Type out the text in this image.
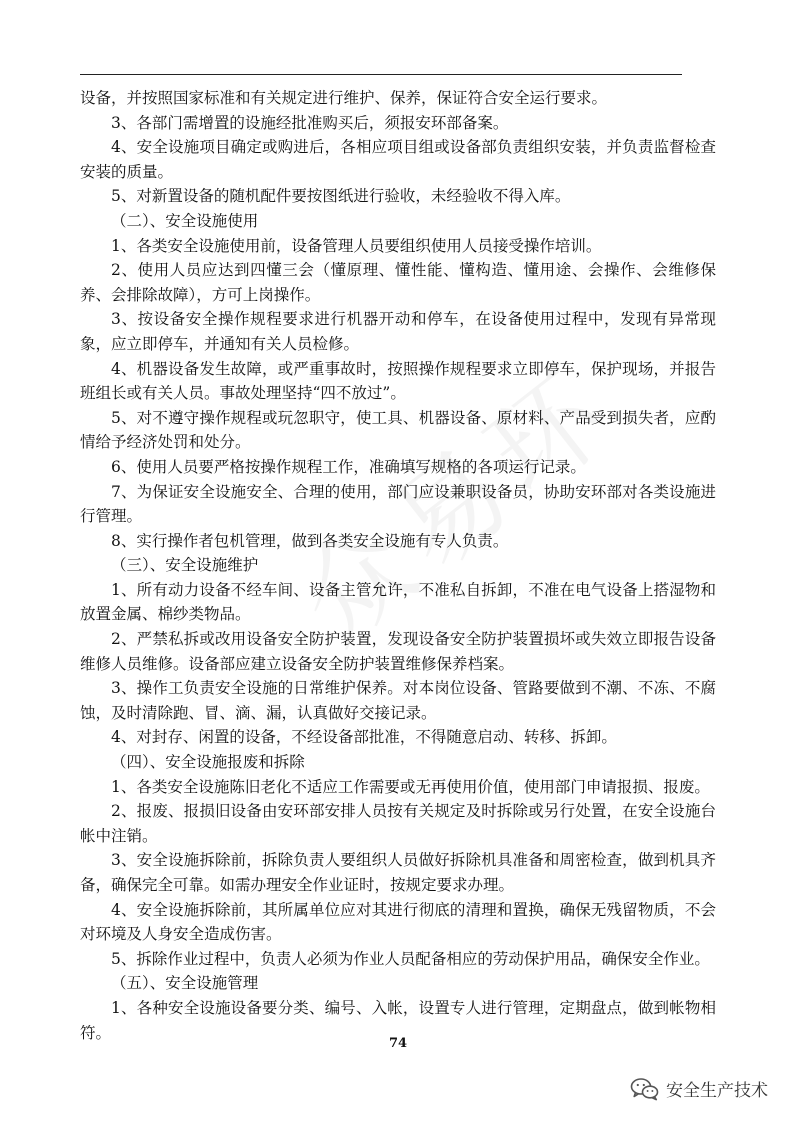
设备，并按照国家标准和有关规定进行维护、保养，保证符合安全运行要求。

3、各部门需增置的设施经批准购买后，须报安环部备案。

4、安全设施项目确定或购进后，各相应项目组或设备部负责组织安装，并负责监督检查安装的质量。

5、对新置设备的随机配件要按图纸进行验收，未经验收不得入库。

（二）、安全设施使用

1、各类安全设施使用前，设备管理人员要组织使用人员接受操作培训。

2、使用人员应达到四懂三会（懂原理、懂性能、懂构造、懂用途、会操作、会维修保养、会排除故障），方可上岗操作。

3、按设备安全操作规程要求进行机器开动和停车，在设备使用过程中，发现有异常现象，应立即停车，并通知有关人员检修。

4、机器设备发生故障，或严重事故时，按照操作规程要求立即停车，保护现场，并报告班组长或有关人员。事故处理坚持“四不放过”。

5、对不遵守操作规程或玩忽职守，使工具、机器设备、原材料、产品受到损失者，应酌情给予经济处罚和处分。

6、使用人员要严格按操作规程工作，准确填写规格的各项运行记录。

7、为保证安全设施安全、合理的使用，部门应设兼职设备员，协助安环部对各类设施进行管理。

8、实行操作者包机管理，做到各类安全设施有专人负责。

（三）、安全设施维护

1、所有动力设备不经车间、设备主管允许，不准私自拆卸，不准在电气设备上搭湿物和放置金属、棉纱类物品。

2、严禁私拆或改用设备安全防护装置，发现设备安全防护装置损坏或失效立即报告设备维修人员维修。设备部应建立设备安全防护装置维修保养档案。

3、操作工负责安全设施的日常维护保养。对本岗位设备、管路要做到不潮、不冻、不腐蚀，及时清除跑、冒、滴、漏，认真做好交接记录。

4、对封存、闲置的设备，不经设备部批准，不得随意启动、转移、拆卸。

（四）、安全设施报废和拆除

1、各类安全设施陈旧老化不适应工作需要或无再使用价值，使用部门申请报损、报废。

2、报废、报损旧设备由安环部安排人员按有关规定及时拆除或另行处置，在安全设施台帐中注销。

3、安全设施拆除前，拆除负责人要组织人员做好拆除机具准备和周密检查，做到机具齐备，确保完全可靠。如需办理安全作业证时，按规定要求办理。

4、安全设施拆除前，其所属单位应对其进行彻底的清理和置换，确保无残留物质，不会对环境及人身安全造成伤害。

5、拆除作业过程中，负责人必须为作业人员配备相应的劳动保护用品，确保安全作业。

（五）、安全设施管理

1、各种安全设施设备要分类、编号、入帐，设置专人进行管理，定期盘点，做到帐物相符。

74
安全生产技术
